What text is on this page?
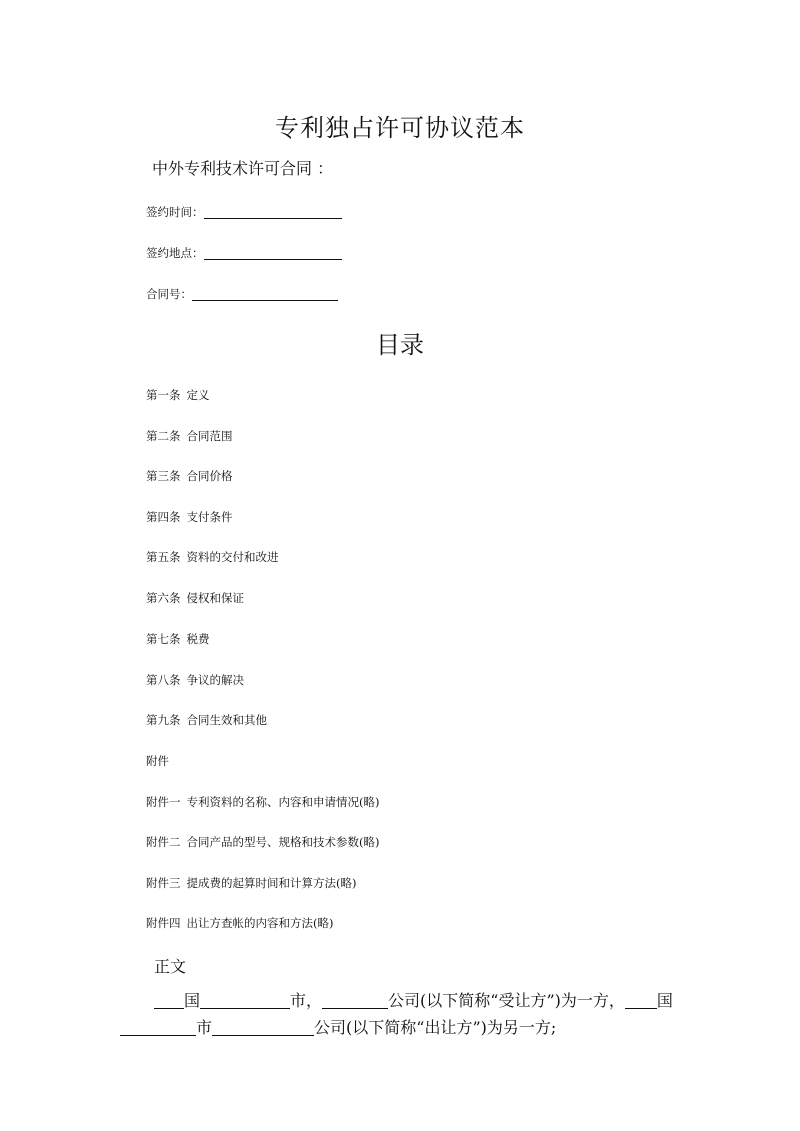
专利独占许可协议范本
中外专利技术许可合同 ：
签约时间：
签约地点：
合同号：
目录
第一条 定义
第二条 合同范围
第三条 合同价格
第四条 支付条件
第五条 资料的交付和改进
第六条 侵权和保证
第七条 税费
第八条 争议的解决
第九条 合同生效和其他
附件
附件一 专利资料的名称、内容和申请情况(略)
附件二 合同产品的型号、规格和技术参数(略)
附件三 提成费的起算时间和计算方法(略)
附件四 出让方查帐的内容和方法(略)
正文
国	市，	公司(以下简称“受让方”)为一方， 国
市	公司(以下简称“出让方”)为另一方;
